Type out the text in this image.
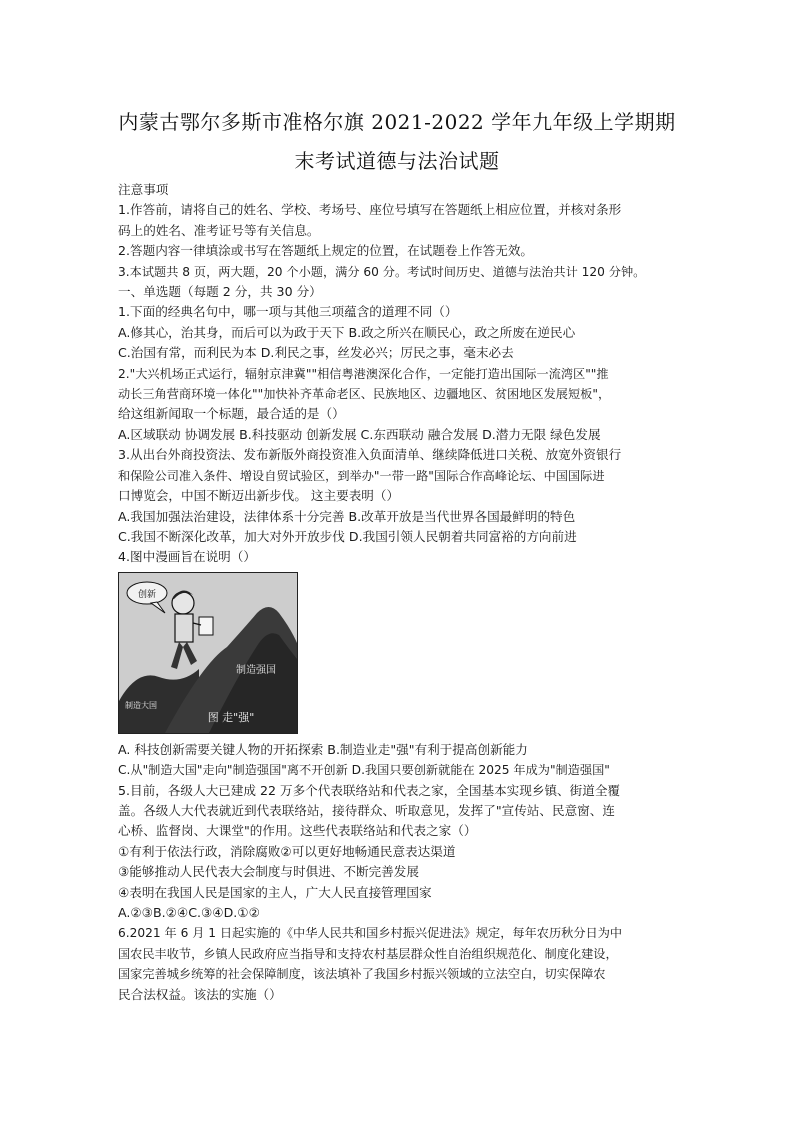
内蒙古鄂尔多斯市准格尔旗 2021-2022 学年九年级上学期期
末考试道德与法治试题

注意事项

1.作答前，请将自己的姓名、学校、考场号、座位号填写在答题纸上相应位置，并核对条形

码上的姓名、准考证号等有关信息。

2.答题内容一律填涂或书写在答题纸上规定的位置，在试题卷上作答无效。

3.本试题共 8 页，两大题，20 个小题，满分 60 分。考试时间历史、道德与法治共计 120 分钟。

一、单选题（每题 2 分，共 30 分）

1.下面的经典名句中，哪一项与其他三项蕴含的道理不同（）

A.修其心，治其身，而后可以为政于天下 B.政之所兴在顺民心，政之所废在逆民心

C.治国有常，而利民为本 D.利民之事，丝发必兴；厉民之事，毫末必去

2."大兴机场正式运行，辐射京津冀""相信粤港澳深化合作，一定能打造出国际一流湾区""推

动长三角营商环境一体化""加快补齐革命老区、民族地区、边疆地区、贫困地区发展短板"，

给这组新闻取一个标题，最合适的是（）

A.区域联动 协调发展 B.科技驱动 创新发展 C.东西联动 融合发展 D.潜力无限 绿色发展

3.从出台外商投资法、发布新版外商投资准入负面清单、继续降低进口关税、放宽外资银行

和保险公司准入条件、增设自贸试验区，到举办"一带一路"国际合作高峰论坛、中国国际进

口博览会，中国不断迈出新步伐。 这主要表明（）

A.我国加强法治建设，法律体系十分完善 B.改革开放是当代世界各国最鲜明的特色

C.我国不断深化改革，加大对外开放步伐 D.我国引领人民朝着共同富裕的方向前进

4.图中漫画旨在说明（）

创新
制造强国
制造大国
图 走"强"

A. 科技创新需要关键人物的开拓探索 B.制造业走"强"有利于提高创新能力

C.从"制造大国"走向"制造强国"离不开创新 D.我国只要创新就能在 2025 年成为"制造强国"

5.目前，各级人大已建成 22 万多个代表联络站和代表之家，全国基本实现乡镇、街道全覆

盖。各级人大代表就近到代表联络站，接待群众、听取意见，发挥了"宣传站、民意窗、连

心桥、监督岗、大课堂"的作用。这些代表联络站和代表之家（）

①有利于依法行政，消除腐败②可以更好地畅通民意表达渠道

③能够推动人民代表大会制度与时俱进、不断完善发展

④表明在我国人民是国家的主人，广大人民直接管理国家

A.②③B.②④C.③④D.①②

6.2021 年 6 月 1 日起实施的《中华人民共和国乡村振兴促进法》规定，每年农历秋分日为中

国农民丰收节，乡镇人民政府应当指导和支持农村基层群众性自治组织规范化、制度化建设，

国家完善城乡统筹的社会保障制度，该法填补了我国乡村振兴领域的立法空白，切实保障农

民合法权益。该法的实施（）
